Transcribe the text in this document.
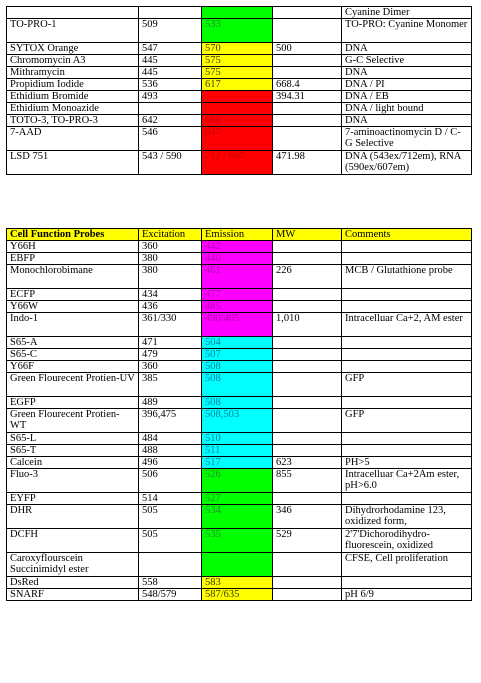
				Cyanine Dimer
TO-PRO-1	509	533		TO-PRO: Cyanine Monomer
SYTOX Orange	547	570	500	DNA
Chromomycin A3	445	575		G-C Selective
Mithramycin	445	575		DNA
Propidium Iodide	536	617	668.4	DNA / PI
Ethidium Bromide	493		394.31	DNA / EB
Ethidium Monoazide				DNA / light bound
TOTO-3, TO-PRO-3	642	660		DNA
7-AAD	546	647		7-aminoactinomycin D / C-G Selective
LSD 751	543 / 590	712 / 607	471.98	DNA (543ex/712em), RNA (590ex/607em)
Cell Function Probes	Excitation	Emission	MW	Comments
Y66H	360	442		
EBFP	380	440		
Monochlorobimane	380	461	226	MCB / Glutathione probe
ECFP	434	477		
Y66W	436	485		
Indo-1	361/330	490/405	1,010	Intracelluar Ca+2, AM ester
S65-A	471	504		
S65-C	479	507		
Y66F	360	508		
Green Flourecent Protien-UV	385	508		GFP
EGFP	489	508		
Green Flourecent Protien-WT	396,475	508,503		GFP
S65-L	484	510		
S65-T	488	511		
Calcein	496	517	623	PH>5
Fluo-3	506	526	855	Intracelluar Ca+2Am ester, pH>6.0
EYFP	514	527		
DHR	505	534	346	Dihydrorhodamine 123, oxidized form,
DCFH	505	535	529	2'7'Dichorodihydro-fluorescein, oxidized
Caroxyflourscein Succinimidyl ester				CFSE, Cell proliferation
DsRed	558	583		
SNARF	548/579	587/635		pH 6/9
